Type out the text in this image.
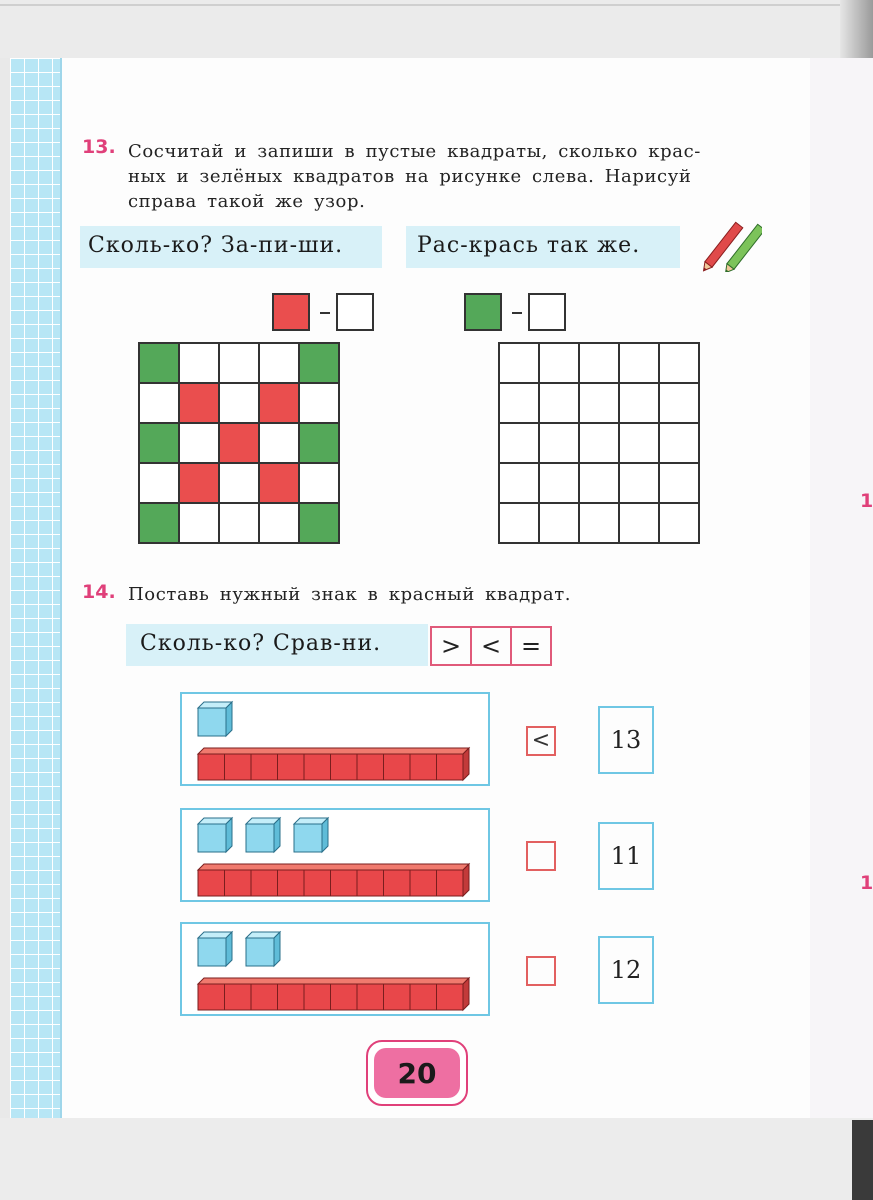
1
1
13. Сосчитай и запиши в пустые квадраты, сколько крас-
ных и зелёных квадратов на рисунке слева. Нарисуй
справа такой же узор.
Сколь-ко? За-пи-ши.	Рас-крась так же.

14. Поставь нужный знак в красный квадрат.
Сколь-ко? Срав-ни.	> < =
<	13
11
12
20
